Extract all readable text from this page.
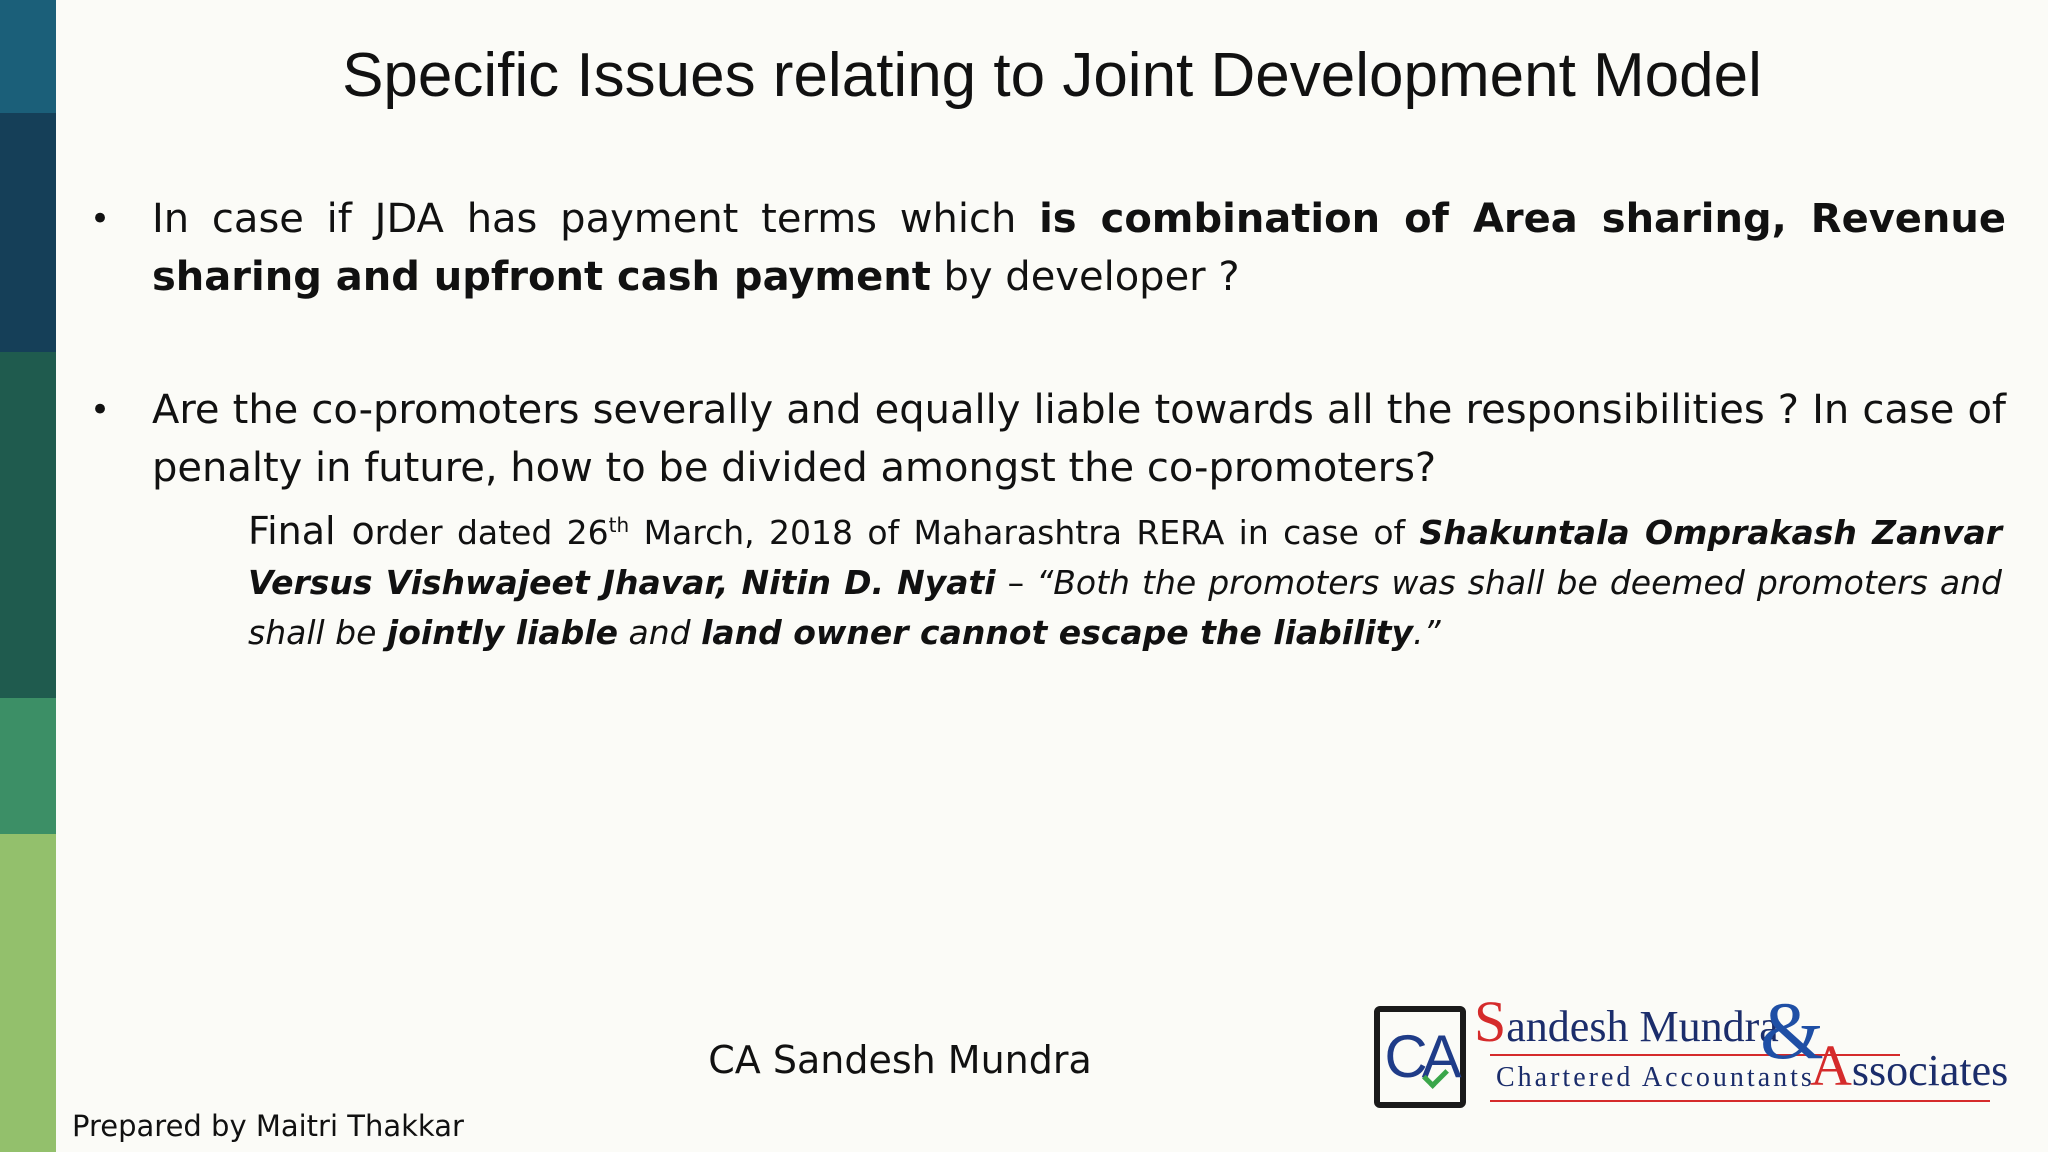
Specific Issues relating to Joint Development Model
•	In case if JDA has payment terms which is combination of Area sharing, Revenue sharing and upfront cash payment by developer ?
•	Are the co-promoters severally and equally liable towards all the responsibilities ? In case of penalty in future, how to be divided amongst the co-promoters?
Final order dated 26th March, 2018 of Maharashtra RERA in case of Shakuntala Omprakash Zanvar Versus Vishwajeet Jhavar, Nitin D. Nyati – “Both the promoters was shall be deemed promoters and shall be jointly liable and land owner cannot escape the liability.”
CA Sandesh Mundra
Prepared by Maitri Thakkar
CA
Sandesh Mundra
&
Associates
Chartered Accountants
